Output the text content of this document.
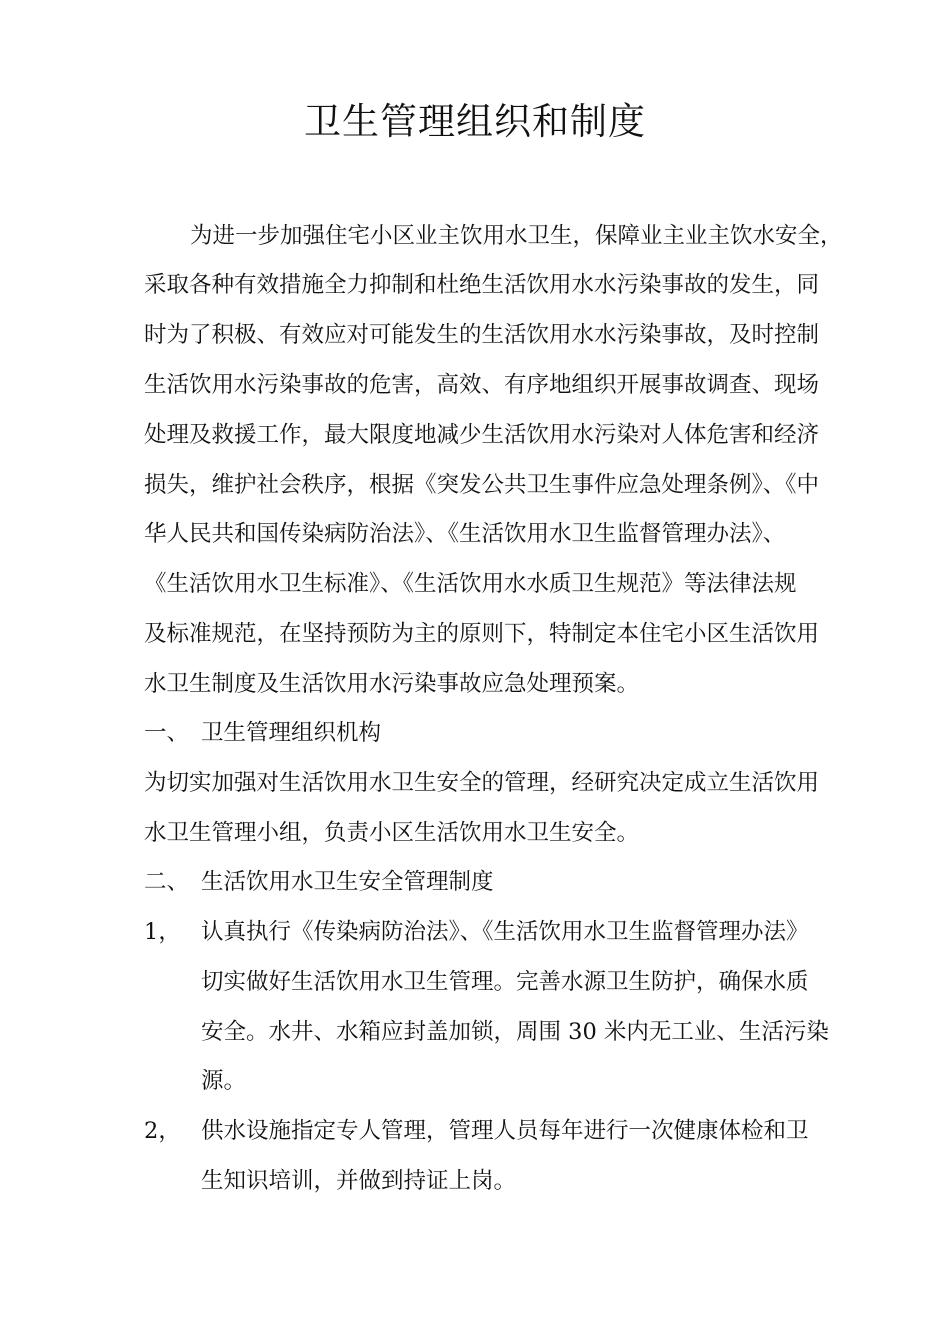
卫生管理组织和制度
为进一步加强住宅小区业主饮用水卫生，保障业主业主饮水安全，
采取各种有效措施全力抑制和杜绝生活饮用水水污染事故的发生，同
时为了积极、有效应对可能发生的生活饮用水水污染事故，及时控制
生活饮用水污染事故的危害，高效、有序地组织开展事故调查、现场
处理及救援工作，最大限度地减少生活饮用水污染对人体危害和经济
损失，维护社会秩序，根据《突发公共卫生事件应急处理条例》、《中
华人民共和国传染病防治法》、《生活饮用水卫生监督管理办法》、
《生活饮用水卫生标准》、《生活饮用水水质卫生规范》等法律法规
及标准规范，在坚持预防为主的原则下，特制定本住宅小区生活饮用
水卫生制度及生活饮用水污染事故应急处理预案。
一、 卫生管理组织机构
为切实加强对生活饮用水卫生安全的管理，经研究决定成立生活饮用
水卫生管理小组，负责小区生活饮用水卫生安全。
二、 生活饮用水卫生安全管理制度
1， 认真执行《传染病防治法》、《生活饮用水卫生监督管理办法》
切实做好生活饮用水卫生管理。完善水源卫生防护，确保水质
安全。水井、水箱应封盖加锁，周围 30 米内无工业、生活污染
源。
2， 供水设施指定专人管理，管理人员每年进行一次健康体检和卫
生知识培训，并做到持证上岗。
